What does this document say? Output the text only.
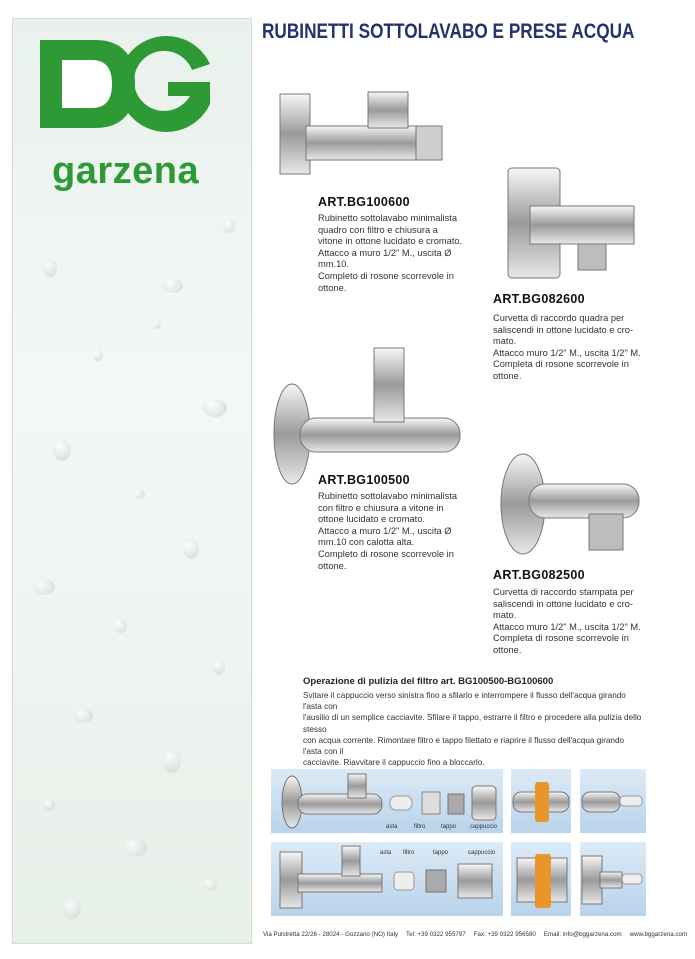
garzena
RUBINETTI SOTTOLAVABO E PRESE ACQUA
ART.BG100600
Rubinetto sottolavabo minimalista
quadro con filtro e chiusura a
vitone in ottone lucidato e cromato.
Attacco a muro 1/2" M., uscita Ø
mm.10.
Completo di rosone scorrevole in
ottone.
ART.BG082600
Curvetta di raccordo quadra per
saliscendi in ottone lucidato e cro-
mato.
Attacco muro 1/2" M., uscita 1/2" M.
Completa di rosone scorrevole in
ottone.
ART.BG100500
Rubinetto sottolavabo minimalista
con filtro e chiusura a vitone in
ottone lucidato e cromato.
Attacco a muro 1/2" M., uscita Ø
mm.10 con calotta alta.
Completo di rosone scorrevole in
ottone.
ART.BG082500
Curvetta di raccordo stampata per
saliscendi in ottone lucidato e cro-
mato.
Attacco muro 1/2" M., uscita 1/2" M.
Completa di rosone scorrevole in
ottone.
Operazione di pulizia del filtro art. BG100500-BG100600
Svitare il cappuccio verso sinistra fino a sfilarlo e interrompere il flusso dell'acqua girando l'asta con
l'ausilio di un semplice cacciavite. Sfilare il tappo, estrarre il filtro e procedere alla pulizia dello stesso
con acqua corrente. Rimontare filtro e tappo filettato e riaprire il flusso dell'acqua girando l'asta con il
cacciavite. Riavvitare il cappuccio fino a bloccarlo.
asta	filtro	tappo cappuccio
asta filtro	tappo	cappuccio
Via Pulstretta 22/26 - 28024 - Gozzano (NO) Italy Tel: +39 0322 955797 Fax: +39 0322 956580 Email: info@bggarzena.com www.bggarzena.com
